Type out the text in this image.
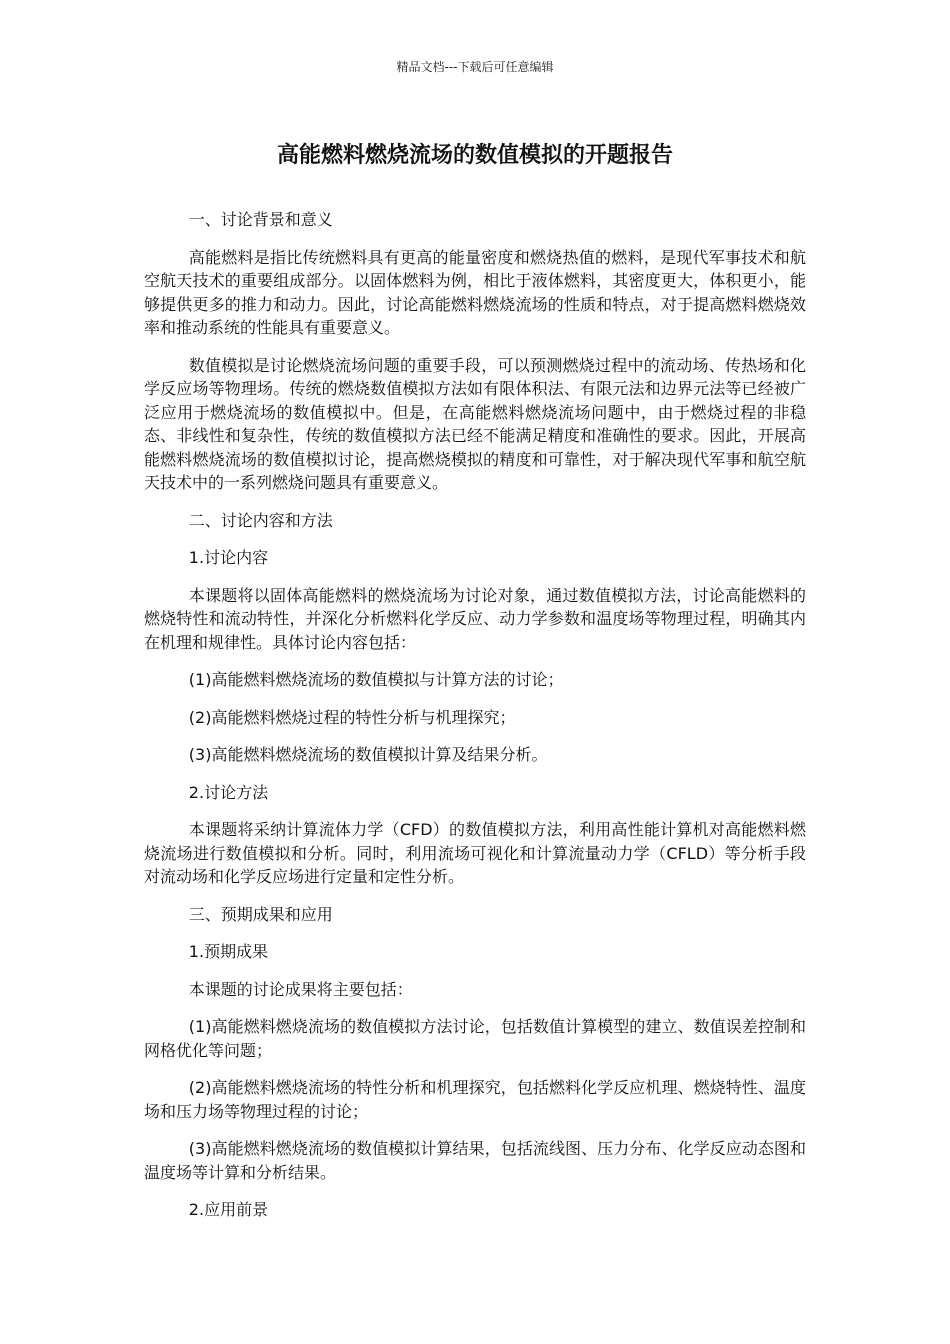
精品文档---下载后可任意编辑
高能燃料燃烧流场的数值模拟的开题报告

一、讨论背景和意义

高能燃料是指比传统燃料具有更高的能量密度和燃烧热值的燃料，是现代军事技术和航空航天技术的重要组成部分。以固体燃料为例，相比于液体燃料，其密度更大，体积更小，能够提供更多的推力和动力。因此，讨论高能燃料燃烧流场的性质和特点，对于提高燃料燃烧效率和推动系统的性能具有重要意义。

数值模拟是讨论燃烧流场问题的重要手段，可以预测燃烧过程中的流动场、传热场和化学反应场等物理场。传统的燃烧数值模拟方法如有限体积法、有限元法和边界元法等已经被广泛应用于燃烧流场的数值模拟中。但是，在高能燃料燃烧流场问题中，由于燃烧过程的非稳态、非线性和复杂性，传统的数值模拟方法已经不能满足精度和准确性的要求。因此，开展高能燃料燃烧流场的数值模拟讨论，提高燃烧模拟的精度和可靠性，对于解决现代军事和航空航天技术中的一系列燃烧问题具有重要意义。

二、讨论内容和方法

1.讨论内容

本课题将以固体高能燃料的燃烧流场为讨论对象，通过数值模拟方法，讨论高能燃料的燃烧特性和流动特性，并深化分析燃料化学反应、动力学参数和温度场等物理过程，明确其内在机理和规律性。具体讨论内容包括：

(1)高能燃料燃烧流场的数值模拟与计算方法的讨论；

(2)高能燃料燃烧过程的特性分析与机理探究；

(3)高能燃料燃烧流场的数值模拟计算及结果分析。

2.讨论方法

本课题将采纳计算流体力学（CFD）的数值模拟方法，利用高性能计算机对高能燃料燃烧流场进行数值模拟和分析。同时，利用流场可视化和计算流量动力学（CFLD）等分析手段对流动场和化学反应场进行定量和定性分析。

三、预期成果和应用

1.预期成果

本课题的讨论成果将主要包括：

(1)高能燃料燃烧流场的数值模拟方法讨论，包括数值计算模型的建立、数值误差控制和网格优化等问题；

(2)高能燃料燃烧流场的特性分析和机理探究，包括燃料化学反应机理、燃烧特性、温度场和压力场等物理过程的讨论；

(3)高能燃料燃烧流场的数值模拟计算结果，包括流线图、压力分布、化学反应动态图和温度场等计算和分析结果。

2.应用前景
